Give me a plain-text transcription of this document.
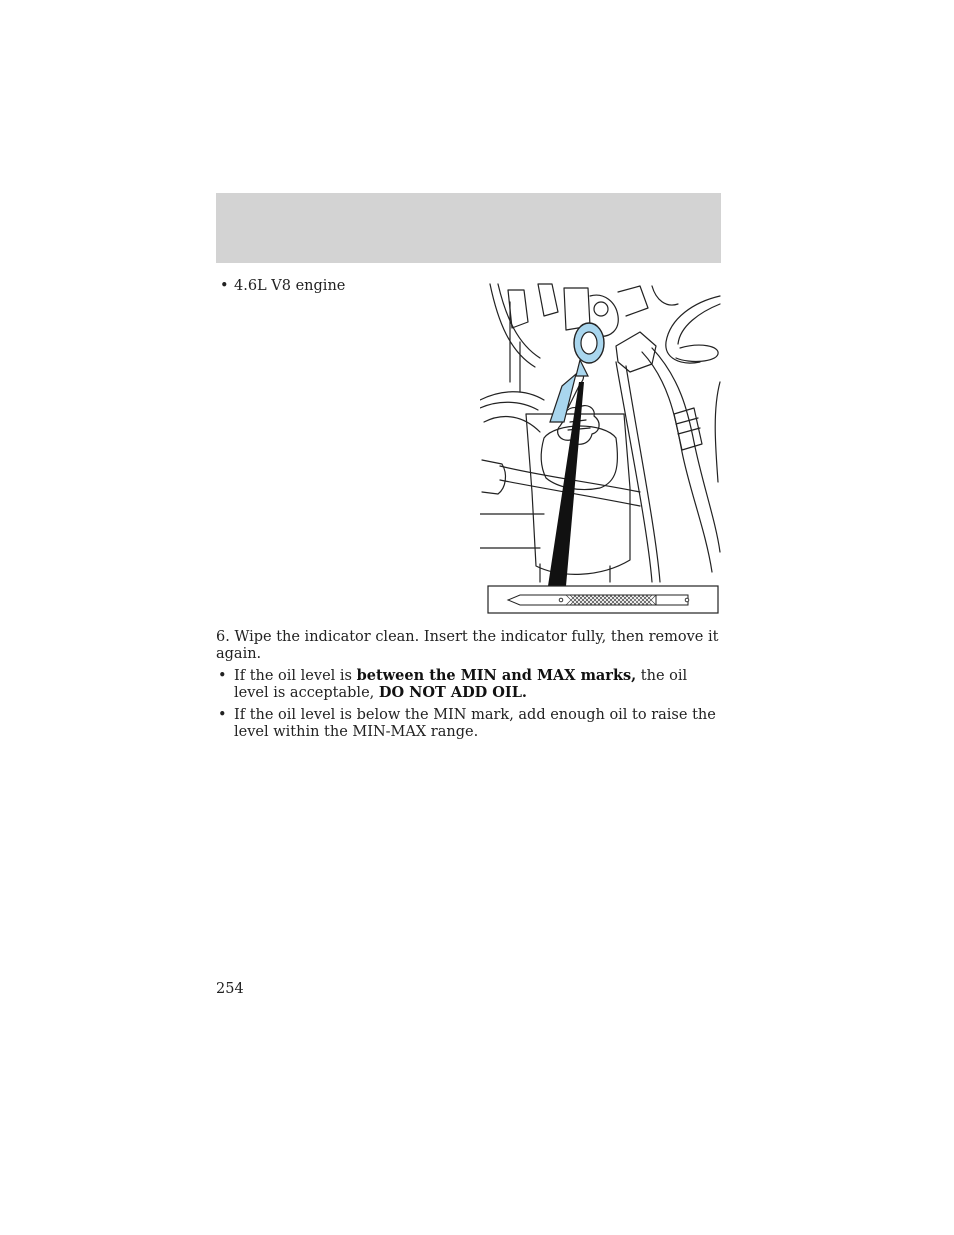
• 4.6L V8 engine

6. Wipe the indicator clean. Insert the indicator fully, then remove it again.

• If the oil level is between the MIN and MAX marks, the oil level is acceptable, DO NOT ADD OIL.
• If the oil level is below the MIN mark, add enough oil to raise the level within the MIN-MAX range.
254
